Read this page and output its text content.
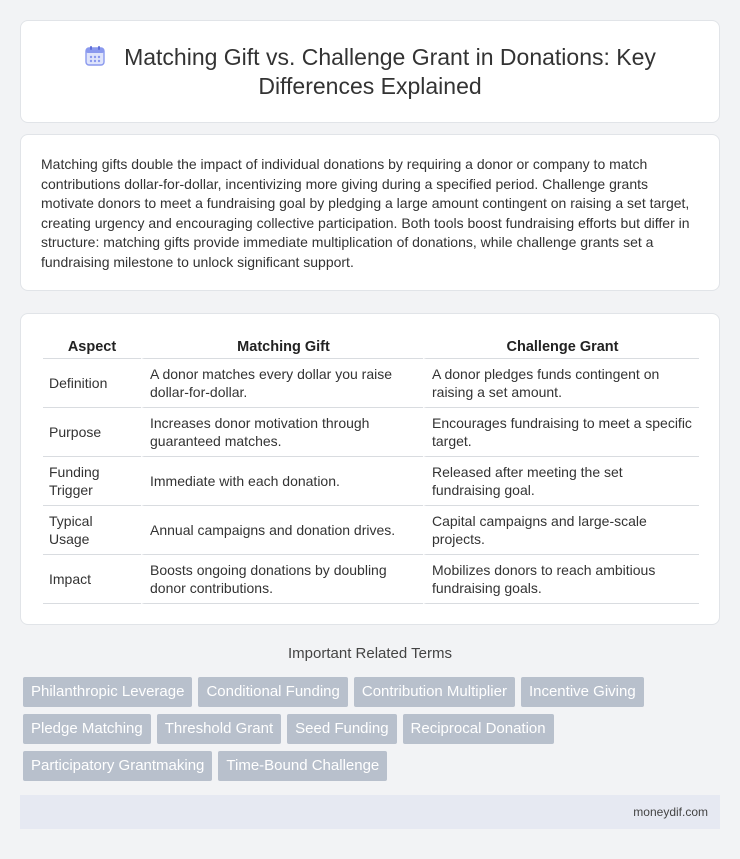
Matching Gift vs. Challenge Grant in Donations: Key Differences Explained

Matching gifts double the impact of individual donations by requiring a donor or company to match contributions dollar-for-dollar, incentivizing more giving during a specified period. Challenge grants motivate donors to meet a fundraising goal by pledging a large amount contingent on raising a set target, creating urgency and encouraging collective participation. Both tools boost fundraising efforts but differ in structure: matching gifts provide immediate multiplication of donations, while challenge grants set a fundraising milestone to unlock significant support.

Aspect	Matching Gift	Challenge Grant
Definition	A donor matches every dollar you raise dollar-for-dollar.	A donor pledges funds contingent on raising a set amount.
Purpose	Increases donor motivation through guaranteed matches.	Encourages fundraising to meet a specific target.
Funding Trigger	Immediate with each donation.	Released after meeting the set fundraising goal.
Typical Usage	Annual campaigns and donation drives.	Capital campaigns and large-scale projects.
Impact	Boosts ongoing donations by doubling donor contributions.	Mobilizes donors to reach ambitious fundraising goals.
Important Related Terms
Philanthropic Leverage	Conditional Funding	Contribution Multiplier	Incentive Giving
Pledge Matching	Threshold Grant	Seed Funding	Reciprocal Donation
Participatory Grantmaking	Time-Bound Challenge
moneydif.com
